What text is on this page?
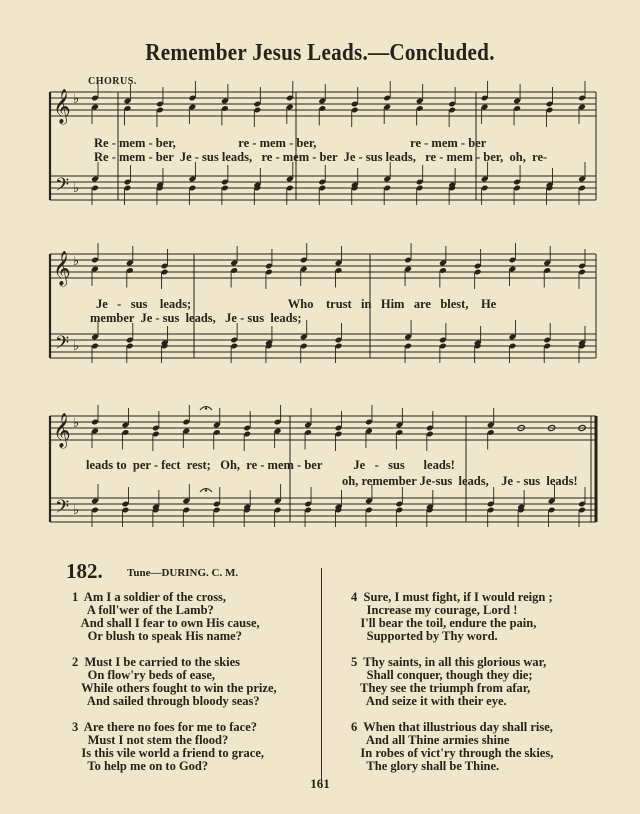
Remember Jesus Leads.—Concluded.
CHORUS.
𝄞
𝄢
♭
♭
𝄞
𝄢
♭
♭
𝄞
𝄢
♭
♭
Re - mem - ber,                    re - mem - ber,                              re - mem - ber
Re - mem - ber  Je - sus leads,   re - mem - ber  Je - sus leads,   re - mem - ber,  oh,  re-
Je   -   sus    leads;                               Who    trust   in   Him   are   blest,    He
member  Je - sus  leads,   Je - sus  leads;
leads to  per - fect  rest;   Oh,  re - mem - ber          Je   -   sus      leads!
oh, remember Je-sus  leads,    Je - sus  leads!
182. Tune—DURING. C. M.
1  Am I a soldier of the cross,
A foll'wer of the Lamb?
And shall I fear to own His cause,
Or blush to speak His name?
2  Must I be carried to the skies
On flow'ry beds of ease,
While others fought to win the prize,
And sailed through bloody seas?
3  Are there no foes for me to face?
Must I not stem the flood?
Is this vile world a friend to grace,
To help me on to God?
4  Sure, I must fight, if I would reign ;
Increase my courage, Lord !
I'll bear the toil, endure the pain,
Supported by Thy word.
5  Thy saints, in all this glorious war,
Shall conquer, though they die;
They see the triumph from afar,
And seize it with their eye.
6  When that illustrious day shall rise,
And all Thine armies shine
In robes of vict'ry through the skies,
The glory shall be Thine.
161
